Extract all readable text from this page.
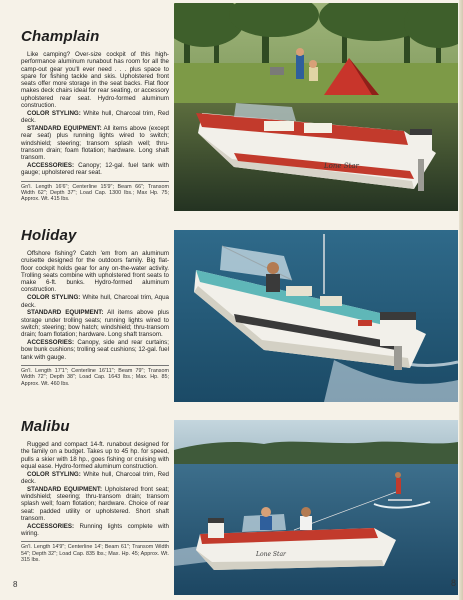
Champlain

Like camping? Over-size cockpit of this high-performance aluminum runabout has room for all the camp-out gear you'll ever need . . . plus space to spare for fishing tackle and skis. Upholstered front seats offer more storage in the seat backs. Flat floor makes deck chairs ideal for rear seating, or accessory upholstered rear seat. Hydro-formed aluminum construction.

COLOR STYLING: White hull, Charcoal trim, Red deck.

STANDARD EQUIPMENT: All items above (except rear seat) plus running lights wired to switch; windshield; steering; transom splash well; thru-transom drain; foam flotation; hardware. Long shaft transom.

ACCESSORIES: Canopy; 12-gal. fuel tank with gauge; upholstered rear seat.

Gn'l. Length 16'6"; Centerline 15'9"; Beam 66"; Transom Width 62"; Depth 37"; Load Cap. 1300 lbs.; Max Hp. 75; Approx. Wt. 415 lbs.
Lone Star
Holiday

Offshore fishing? Catch 'em from an aluminum cruisette designed for the outdoors family. Big flat-floor cockpit holds gear for any on-the-water activity. Trolling seats combine with upholstered front seats to make 6-ft. bunks. Hydro-formed aluminum construction.

COLOR STYLING: White hull, Charcoal trim, Aqua deck.

STANDARD EQUIPMENT: All items above plus storage under trolling seats; running lights wired to switch; steering; bow hatch; windshield; thru-transom drain; foam flotation; hardware. Long shaft transom.

ACCESSORIES: Canopy, side and rear curtains; bow bunk cushions; trolling seat cushions; 12-gal. fuel tank with gauge.

Gn'l. Length 17'1"; Centerline 16'11"; Beam 79"; Transom Width 72"; Depth 38"; Load Cap. 1643 lbs.; Max. Hp. 85; Approx. Wt. 460 lbs.
Malibu

Rugged and compact 14-ft. runabout designed for the family on a budget. Takes up to 45 hp. for speed, pulls a skier with 18 hp., goes fishing or cruising with equal ease. Hydro-formed aluminum construction.

COLOR STYLING: White hull, Charcoal trim, Red deck.

STANDARD EQUIPMENT: Upholstered front seat; windshield; steering; thru-transom drain; transom splash well; foam flotation; hardware. Choice of rear seat: padded utility or upholstered. Short shaft transom.

ACCESSORIES: Running lights complete with wiring.

Gn'l. Length 14'9"; Centerline 14'; Beam 61"; Transom Width 54"; Depth 32"; Load Cap. 835 lbs.; Max. Hp. 45; Approx. Wt. 315 lbs.
Lone Star
8	8
